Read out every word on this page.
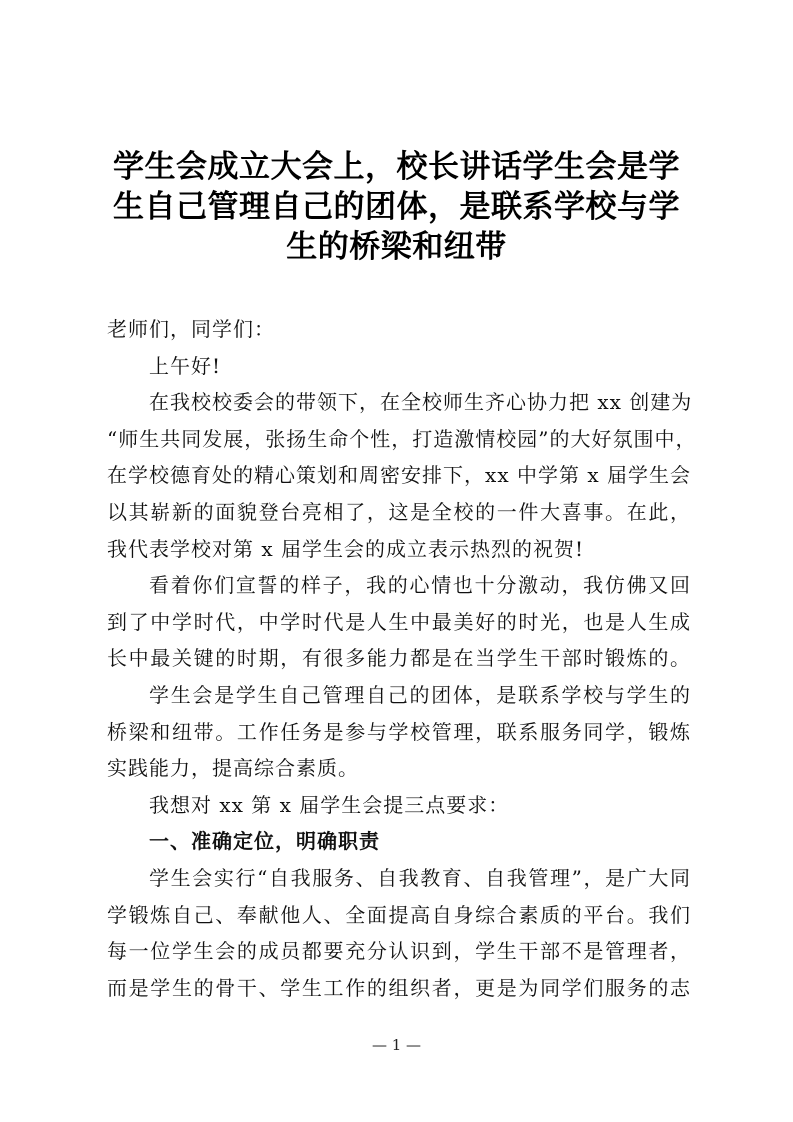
学生会成立大会上，校长讲话学生会是学
生自己管理自己的团体，是联系学校与学
生的桥梁和纽带
老师们，同学们：
上午好!
在我校校委会的带领下，在全校师生齐心协力把 xx 创建为
“师生共同发展，张扬生命个性，打造激情校园”的大好氛围中，
在学校德育处的精心策划和周密安排下，xx 中学第 x 届学生会
以其崭新的面貌登台亮相了，这是全校的一件大喜事。在此，
我代表学校对第 x 届学生会的成立表示热烈的祝贺!
看着你们宣誓的样子，我的心情也十分激动，我仿佛又回
到了中学时代，中学时代是人生中最美好的时光，也是人生成
长中最关键的时期，有很多能力都是在当学生干部时锻炼的。
学生会是学生自己管理自己的团体，是联系学校与学生的
桥梁和纽带。工作任务是参与学校管理，联系服务同学，锻炼
实践能力，提高综合素质。
我想对 xx 第 x 届学生会提三点要求：
一、准确定位，明确职责
学生会实行“自我服务、自我教育、自我管理”，是广大同
学锻炼自己、奉献他人、全面提高自身综合素质的平台。我们
每一位学生会的成员都要充分认识到，学生干部不是管理者，
而是学生的骨干、学生工作的组织者，更是为同学们服务的志
— 1 —
